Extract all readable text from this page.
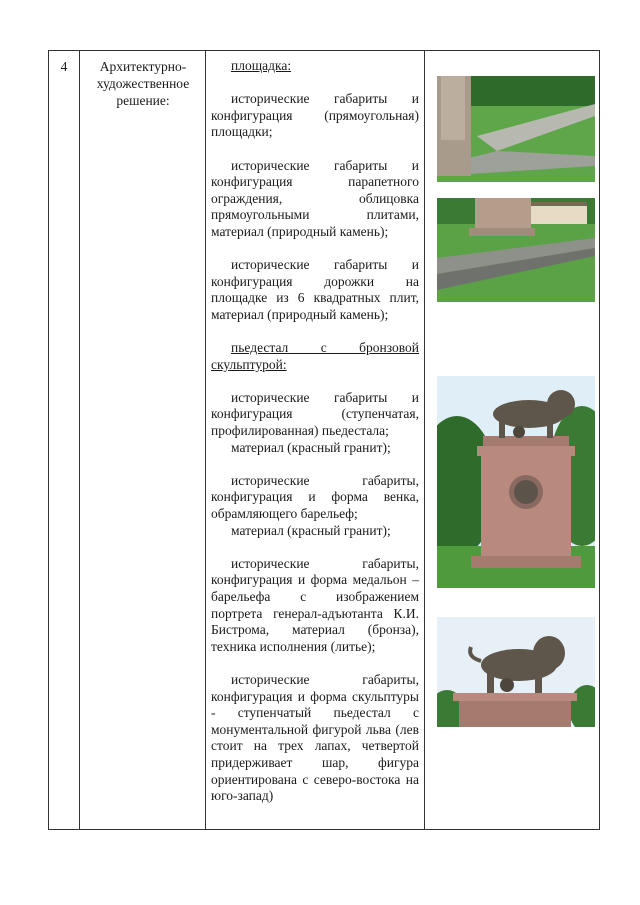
4	Архитектурно-художественное решение:

площадка:

исторические габариты и конфигурация (прямоугольная) площадки;

исторические габариты и конфигурация парапетного ограждения, облицовка прямоугольными плитами, материал (природный камень);

исторические габариты и конфигурация дорожки на площадке из 6 квадратных плит, материал (природный камень);

пьедестал с бронзовой скульптурой:

исторические габариты и конфигурация (ступенчатая, профилированная) пьедестала;

материал (красный гранит);

исторические габариты, конфигурация и форма венка, обрамляющего барельеф;

материал (красный гранит);

исторические габариты, конфигурация и форма медальон – барельефа с изображением портрета генерал-адъютанта К.И. Бистрома, материал (бронза), техника исполнения (литье);

исторические габариты, конфигурация и форма скульптуры - ступенчатый пьедестал с монументальной фигурой льва (лев стоит на трех лапах, четвертой придерживает шар, фигура ориентирована с северо-востока на юго-запад)
